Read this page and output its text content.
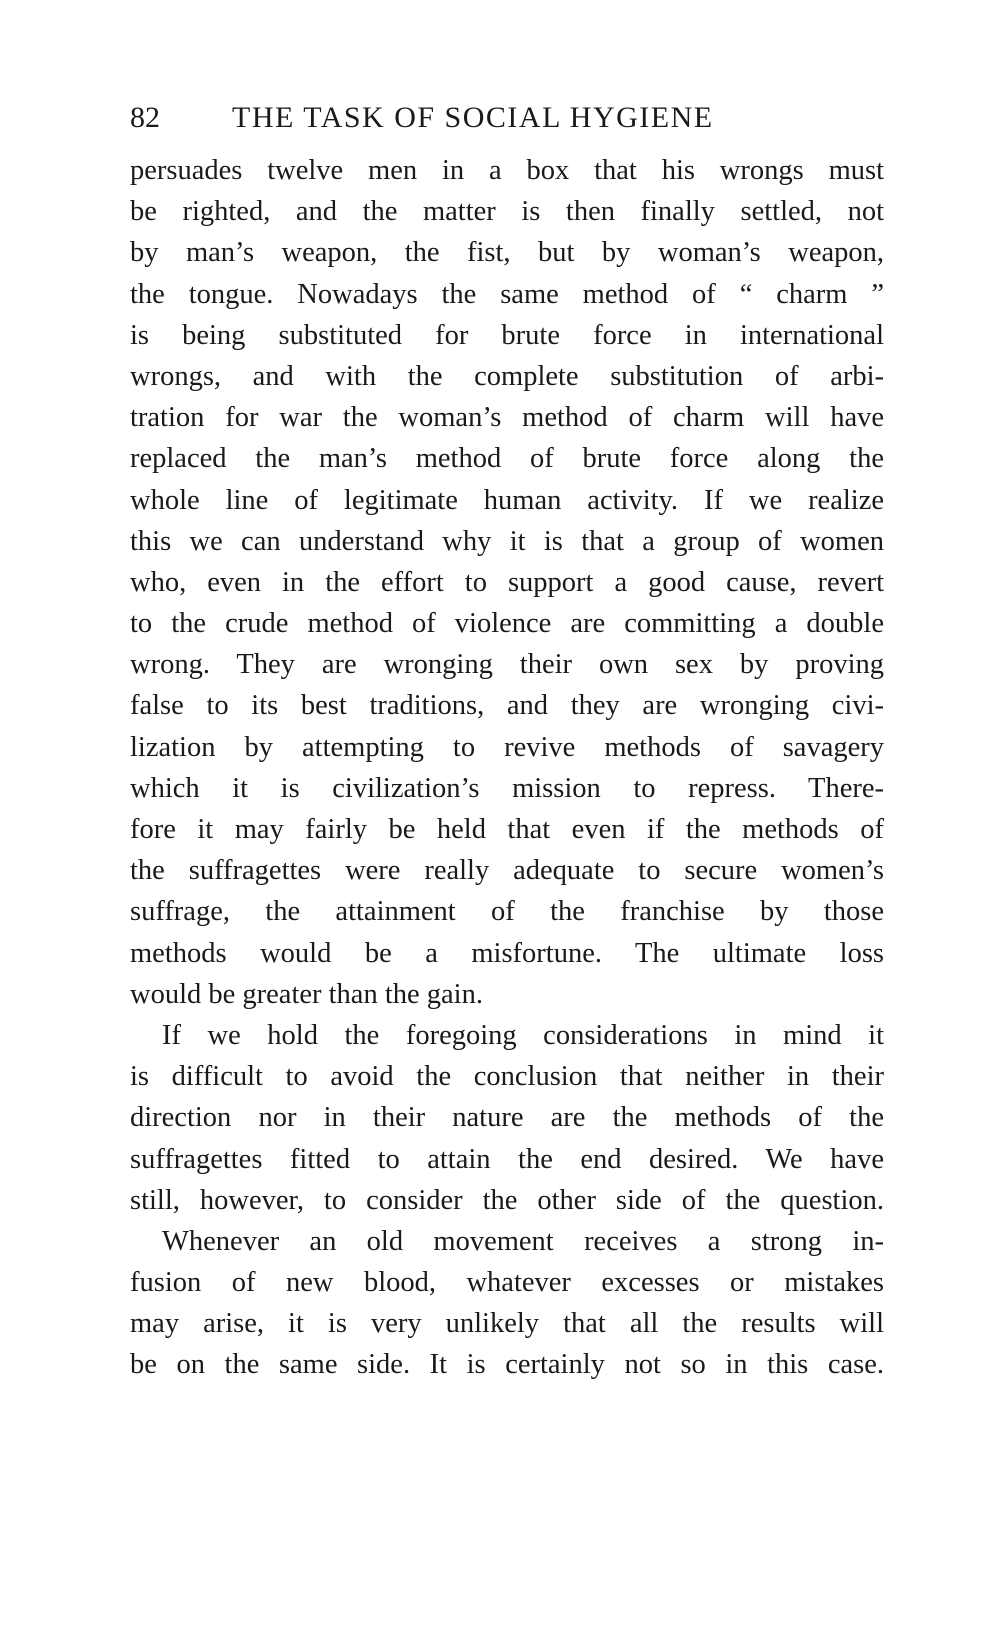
82 THE TASK OF SOCIAL HYGIENE
persuades twelve men in a box that his wrongs must
be righted, and the matter is then finally settled, not
by man’s weapon, the fist, but by woman’s weapon,
the tongue. Nowadays the same method of “ charm ”
is being substituted for brute force in international
wrongs, and with the complete substitution of arbi-
tration for war the woman’s method of charm will have
replaced the man’s method of brute force along the
whole line of legitimate human activity. If we realize
this we can understand why it is that a group of women
who, even in the effort to support a good cause, revert
to the crude method of violence are committing a double
wrong. They are wronging their own sex by proving
false to its best traditions, and they are wronging civi-
lization by attempting to revive methods of savagery
which it is civilization’s mission to repress. There-
fore it may fairly be held that even if the methods of
the suffragettes were really adequate to secure women’s
suffrage, the attainment of the franchise by those
methods would be a misfortune. The ultimate loss
would be greater than the gain.
If we hold the foregoing considerations in mind it
is difficult to avoid the conclusion that neither in their
direction nor in their nature are the methods of the
suffragettes fitted to attain the end desired. We have
still, however, to consider the other side of the question.
Whenever an old movement receives a strong in-
fusion of new blood, whatever excesses or mistakes
may arise, it is very unlikely that all the results will
be on the same side. It is certainly not so in this case.
